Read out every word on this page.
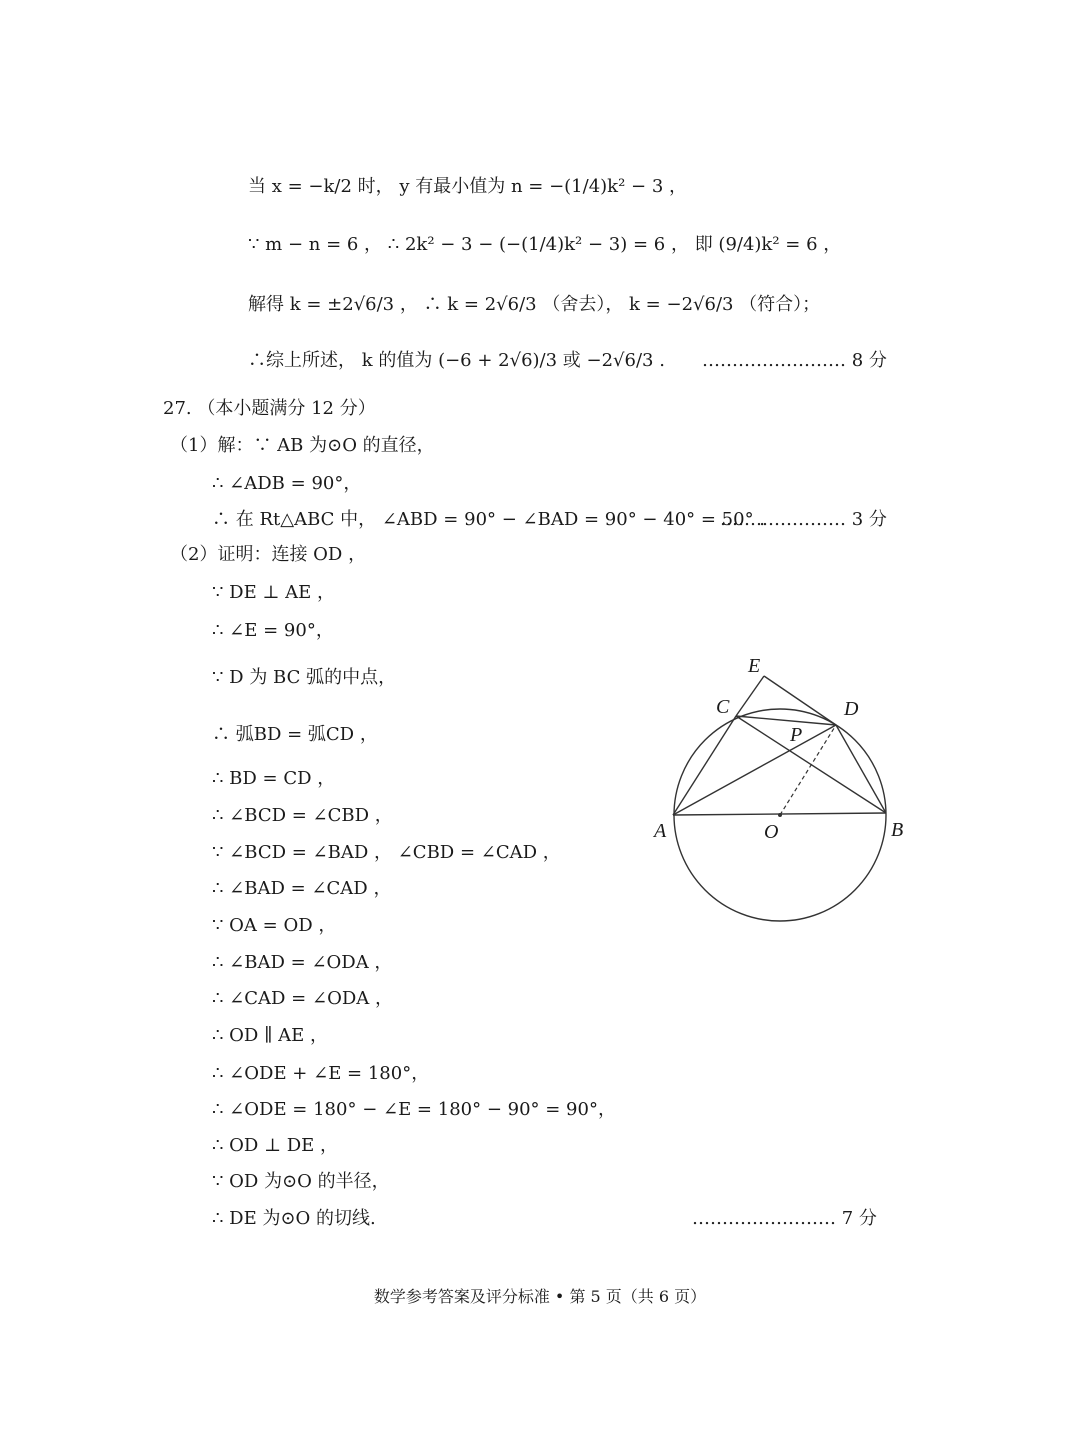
当 x = −k/2 时， y 有最小值为 n = −(1/4)k² − 3 ，
∵ m − n = 6 ， ∴ 2k² − 3 − (−(1/4)k² − 3) = 6 ， 即 (9/4)k² = 6 ，
解得 k = ±2√6/3 ， ∴ k = 2√6/3 （舍去）， k = −2√6/3 （符合）；
∴综上所述， k 的值为 (−6 + 2√6)/3 或 −2√6/3 . …………………… 8 分
27. （本小题满分 12 分）
（1）解：∵ AB 为⊙O 的直径，
∴ ∠ADB = 90°，
∴ 在 Rt△ABC 中， ∠ABD = 90° − ∠BAD = 90° − 40° = 50° .
………………… 3 分
（2）证明：连接 OD ，
∵ DE ⊥ AE ，
∴ ∠E = 90°，
∵ D 为 BC 弧的中点，
∴ 弧BD = 弧CD ，
∴ BD = CD ，
∴ ∠BCD = ∠CBD ，
∵ ∠BCD = ∠BAD ， ∠CBD = ∠CAD ，
∴ ∠BAD = ∠CAD ，
∵ OA = OD ，
∴ ∠BAD = ∠ODA ，
∴ ∠CAD = ∠ODA ，
∴ OD ∥ AE ，
∴ ∠ODE + ∠E = 180°，
∴ ∠ODE = 180° − ∠E = 180° − 90° = 90°，
∴ OD ⊥ DE ，
∵ OD 为⊙O 的半径，
∴ DE 为⊙O 的切线.	…………………… 7 分
E
C	D
P
A	O	B
数学参考答案及评分标准 • 第 5 页（共 6 页）
